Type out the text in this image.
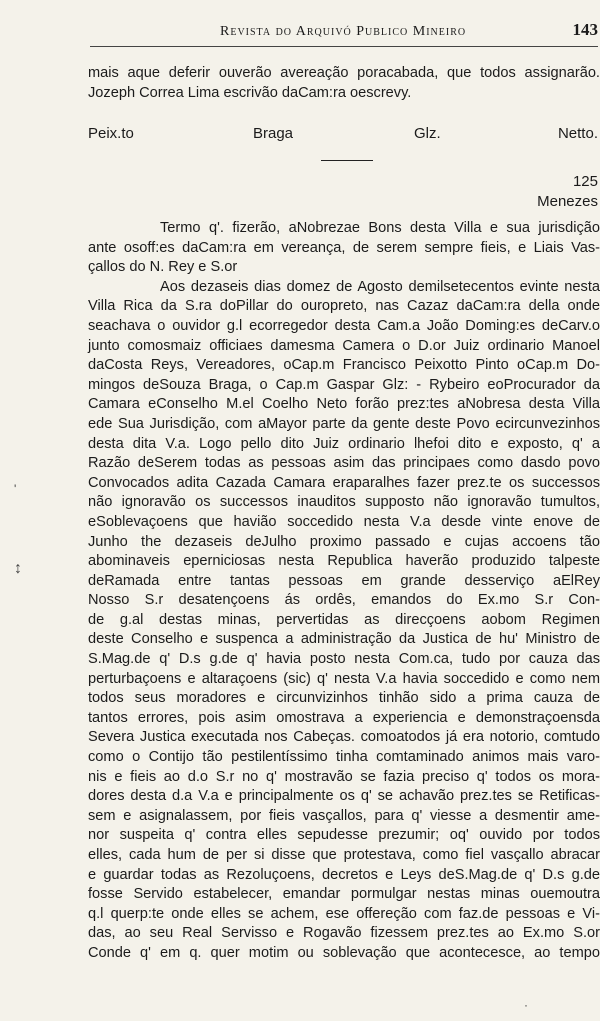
Revista do Arquivó Publico Mineiro	143
mais aque deferir ouverão avereação poracabada, que todos assignarão.
Jozeph Correa Lima escrivão daCam:ra oescrevy.
Peix.to	Braga	Glz.	Netto.
125
Menezes
Termo q'. fizerão, aNobrezae Bons desta Villa e sua jurisdição
ante osoff:es daCam:ra em vereança, de serem sempre fieis, e Liais Vas-
çallos do N. Rey e S.or
Aos dezaseis dias domez de Agosto demilsetecentos evinte nesta
Villa Rica da S.ra doPillar do ouropreto, nas Cazaz daCam:ra della onde
seachava o ouvidor g.l ecorregedor desta Cam.a João Doming:es deCarv.o
junto comosmaiz officiaes damesma Camera o D.or Juiz ordinario Manoel
daCosta Reys, Vereadores, oCap.m Francisco Peixotto Pinto oCap.m Do-
mingos deSouza Braga, o Cap.m Gaspar Glz: - Rybeiro eoProcurador da
Camara eConselho M.el Coelho Neto forão prez:tes aNobresa desta Villa
ede Sua Jurisdição, com aMayor parte da gente deste Povo ecircunvezinhos
desta dita V.a. Logo pello dito Juiz ordinario lhefoi dito e exposto, q' a
Razão deSerem todas as pessoas asim das principaes como dasdo povo
Convocados adita Cazada Camara eraparalhes fazer prez.te os successos
não ignoravão os successos inauditos supposto não ignoravão tumultos,
eSoblevaçoens que havião soccedido nesta V.a desde vinte enove de
Junho the dezaseis deJulho proximo passado e cujas accoens tão
abominaveis eperniciosas nesta Republica haverão produzido talpeste
deRamada entre tantas pessoas em grande desserviço aElRey
Nosso S.r desatençoens ás ordês, emandos do Ex.mo S.r Con-
de g.al destas minas, pervertidas as direcçoens aobom Regimen
deste Conselho e suspenca a administração da Justica de hu' Ministro de
S.Mag.de q' D.s g.de q' havia posto nesta Com.ca, tudo por cauza das
perturbaçoens e altaraçoens (sic) q' nesta V.a havia soccedido e como nem
todos seus moradores e circunvizinhos tinhão sido a prima cauza de
tantos errores, pois asim omostrava a experiencia e demonstraçoensda
Severa Justica executada nos Cabeças. comoatodos já era notorio, comtudo
como o Contijo tão pestilentíssimo tinha comtaminado animos mais varo-
nis e fieis ao d.o S.r no q' mostravão se fazia preciso q' todos os mora-
dores desta d.a V.a e principalmente os q' se achavão prez.tes se Retificas-
sem e asignalassem, por fieis vasçallos, para q' viesse a desmentir ame-
nor suspeita q' contra elles sepudesse prezumir; oq' ouvido por todos
elles, cada hum de per si disse que protestava, como fiel vasçallo abracar
e guardar todas as Rezoluçoens, decretos e Leys deS.Mag.de q' D.s g.de
fosse Servido estabelecer, emandar pormulgar nestas minas ouemoutra
q.l querp:te onde elles se achem, ese offereção com faz.de pessoas e Vi-
das, ao seu Real Servisso e Rogavão fizessem prez.tes ao Ex.mo S.or
Conde q' em q. quer motim ou soblevação que acontecesce, ao tempo
'
↕
·
